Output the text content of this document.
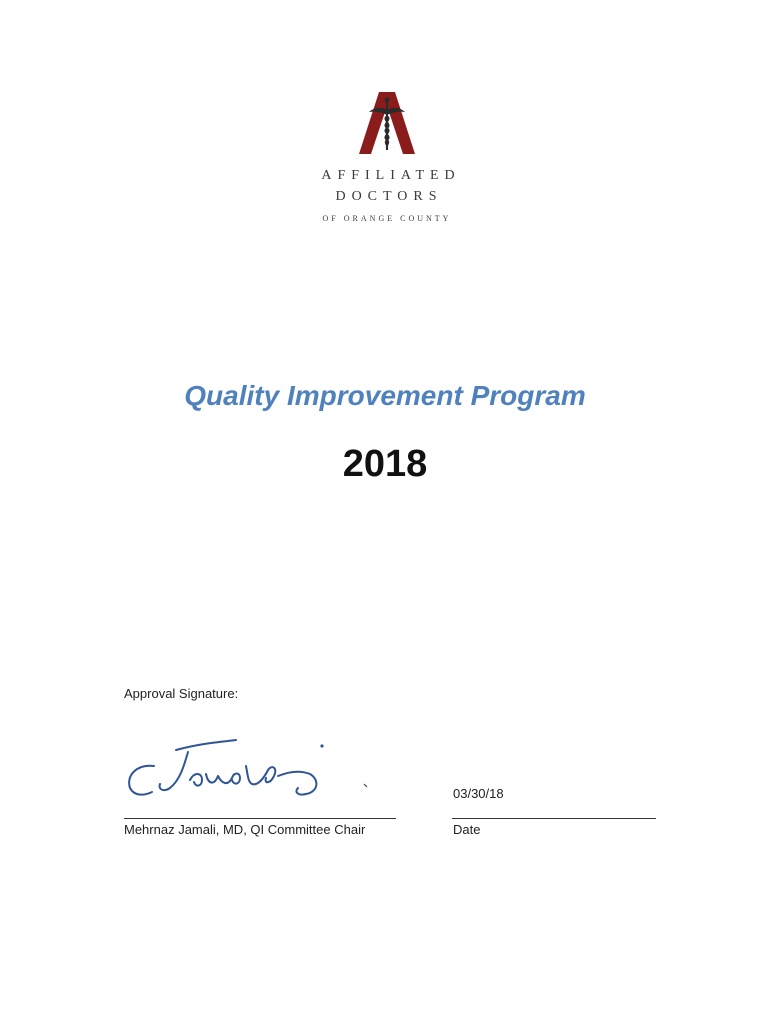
AFFILIATED
DOCTORS
OF ORANGE COUNTY
Quality Improvement Program
2018
Approval Signature:
03/30/18
Mehrnaz Jamali, MD, QI Committee Chair	Date
